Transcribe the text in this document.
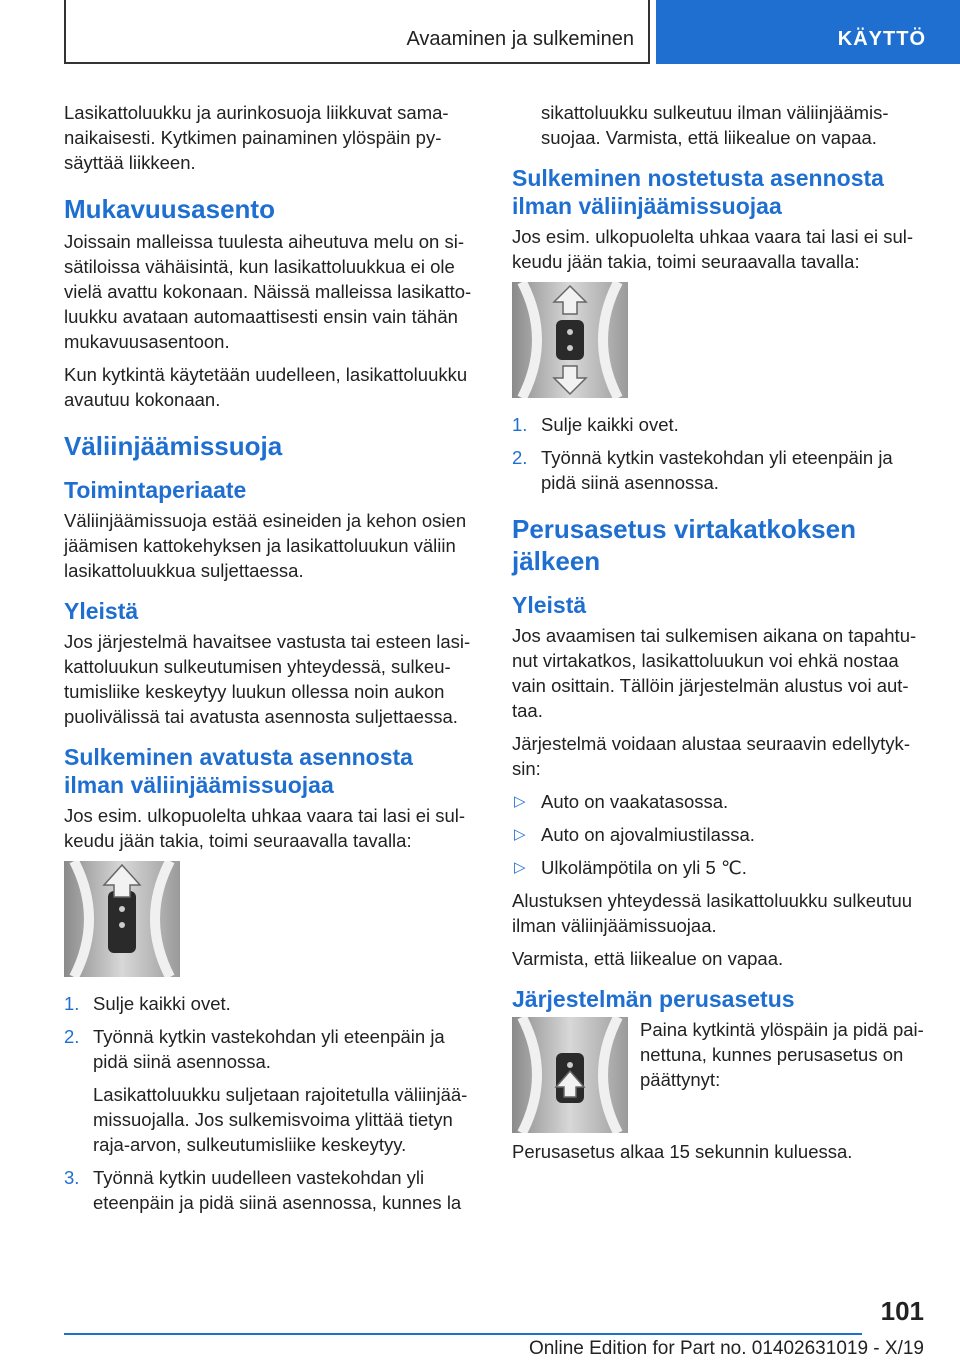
Avaaminen ja sulkeminen	KÄYTTÖ

Lasikattoluukku ja aurinkosuoja liikkuvat samanaikaisesti. Kytkimen painaminen ylöspäin pysäyttää liikkeen.

Mukavuusasento

Joissain malleissa tuulesta aiheutuva melu on sisätiloissa vähäisintä, kun lasikattoluukkua ei ole vielä avattu kokonaan. Näissä malleissa lasikattoluukku avataan automaattisesti ensin vain tähän mukavuusasentoon.

Kun kytkintä käytetään uudelleen, lasikattoluukku avautuu kokonaan.

Väliinjäämissuoja
Toimintaperiaate

Väliinjäämissuoja estää esineiden ja kehon osien jäämisen kattokehyksen ja lasikattoluukun väliin lasikattoluukkua suljettaessa.

Yleistä

Jos järjestelmä havaitsee vastusta tai esteen lasikattoluukun sulkeutumisen yhteydessä, sulkeutumisliike keskeytyy luukun ollessa noin aukon puolivälissä tai avatusta asennosta suljettaessa.

Sulkeminen avatusta asennosta ilman väliinjäämissuojaa

Jos esim. ulkopuolelta uhkaa vaara tai lasi ei sulkeudu jään takia, toimi seuraavalla tavalla:

1. Sulje kaikki ovet.
2. Työnnä kytkin vastekohdan yli eteenpäin ja pidä siinä asennossa.

Lasikattoluukku suljetaan rajoitetulla väliinjäämissuojalla. Jos sulkemisvoima ylittää tietyn raja-arvon, sulkeutumisliike keskeytyy.

3. Työnnä kytkin uudelleen vastekohdan yli eteenpäin ja pidä siinä asennossa, kunnes la

sikattoluukku sulkeutuu ilman väliinjäämissuojaa. Varmista, että liikealue on vapaa.

Sulkeminen nostetusta asennosta ilman väliinjäämissuojaa

Jos esim. ulkopuolelta uhkaa vaara tai lasi ei sulkeudu jään takia, toimi seuraavalla tavalla:

1. Sulje kaikki ovet.
2. Työnnä kytkin vastekohdan yli eteenpäin ja pidä siinä asennossa.
Perusasetus virtakatkoksen jälkeen
Yleistä

Jos avaamisen tai sulkemisen aikana on tapahtunut virtakatkos, lasikattoluukun voi ehkä nostaa vain osittain. Tällöin järjestelmän alustus voi auttaa.

Järjestelmä voidaan alustaa seuraavin edellytyksin:

▷ Auto on vaakatasossa.
▷ Auto on ajovalmiustilassa.
▷ Ulkolämpötila on yli 5 ℃.

Alustuksen yhteydessä lasikattoluukku sulkeutuu ilman väliinjäämissuojaa.

Varmista, että liikealue on vapaa.

Järjestelmän perusasetus

Paina kytkintä ylöspäin ja pidä painettuna, kunnes perusasetus on päättynyt:

Perusasetus alkaa 15 sekunnin kuluessa.

101
Online Edition for Part no. 01402631019 - X/19
